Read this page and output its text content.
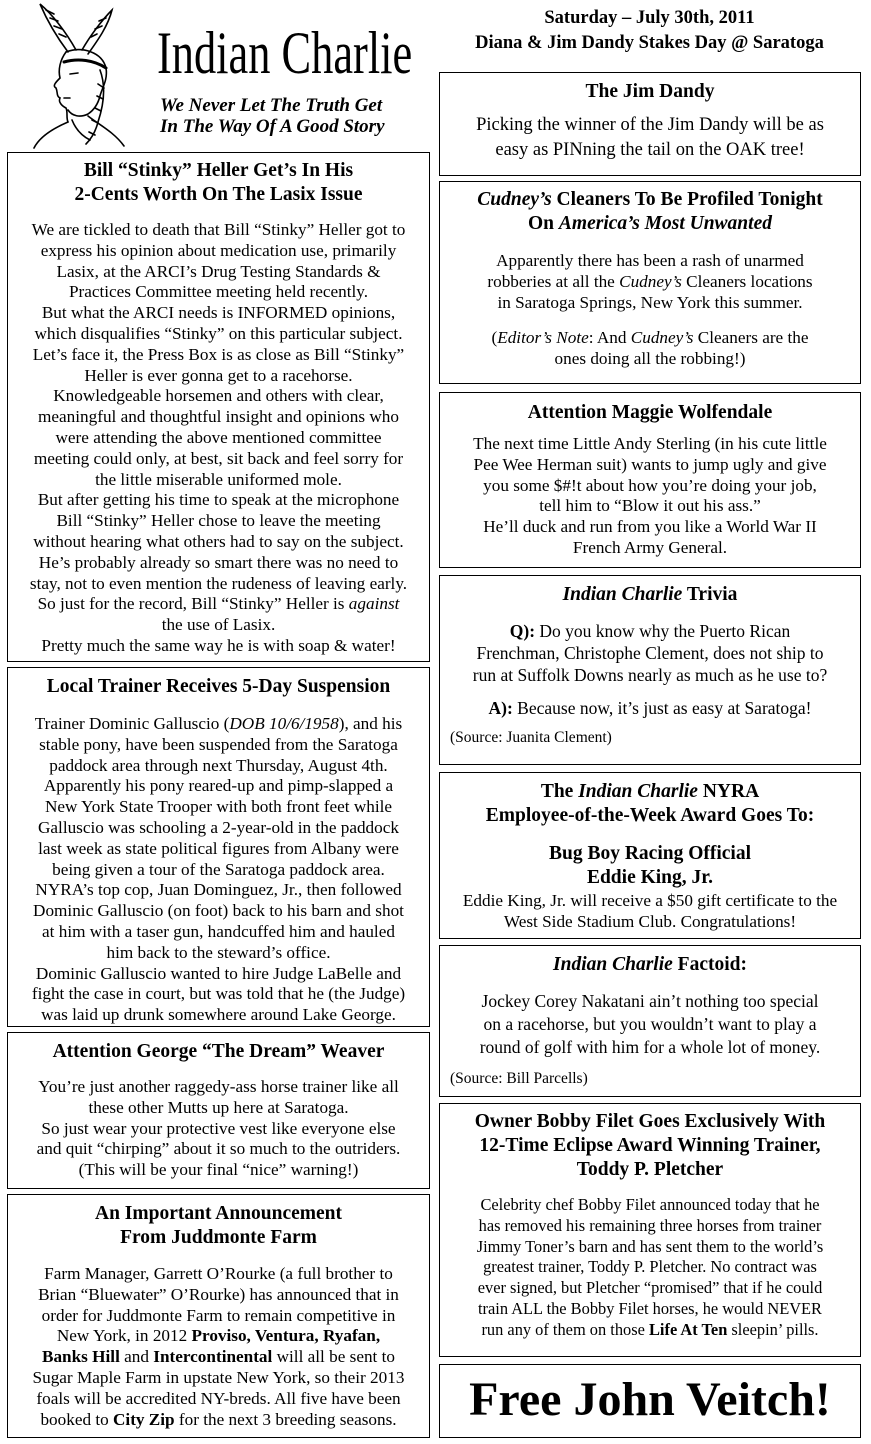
Indian Charlie
We Never Let The Truth Get
In The Way Of A Good Story
Saturday – July 30th, 2011
Diana & Jim Dandy Stakes Day @ Saratoga
Bill “Stinky” Heller Get’s In His
2-Cents Worth On The Lasix Issue
We are tickled to death that Bill “Stinky” Heller got to
express his opinion about medication use, primarily
Lasix, at the ARCI’s Drug Testing Standards &
Practices Committee meeting held recently.
But what the ARCI needs is INFORMED opinions,
which disqualifies “Stinky” on this particular subject.
Let’s face it, the Press Box is as close as Bill “Stinky”
Heller is ever gonna get to a racehorse.
Knowledgeable horsemen and others with clear,
meaningful and thoughtful insight and opinions who
were attending the above mentioned committee
meeting could only, at best, sit back and feel sorry for
the little miserable uniformed mole.
But after getting his time to speak at the microphone
Bill “Stinky” Heller chose to leave the meeting
without hearing what others had to say on the subject.
He’s probably already so smart there was no need to
stay, not to even mention the rudeness of leaving early.
So just for the record, Bill “Stinky” Heller is against
the use of Lasix.
Pretty much the same way he is with soap & water!
Local Trainer Receives 5-Day Suspension
Trainer Dominic Galluscio (DOB 10/6/1958), and his
stable pony, have been suspended from the Saratoga
paddock area through next Thursday, August 4th.
Apparently his pony reared-up and pimp-slapped a
New York State Trooper with both front feet while
Galluscio was schooling a 2-year-old in the paddock
last week as state political figures from Albany were
being given a tour of the Saratoga paddock area.
NYRA’s top cop, Juan Dominguez, Jr., then followed
Dominic Galluscio (on foot) back to his barn and shot
at him with a taser gun, handcuffed him and hauled
him back to the steward’s office.
Dominic Galluscio wanted to hire Judge LaBelle and
fight the case in court, but was told that he (the Judge)
was laid up drunk somewhere around Lake George.
Attention George “The Dream” Weaver
You’re just another raggedy-ass horse trainer like all
these other Mutts up here at Saratoga.
So just wear your protective vest like everyone else
and quit “chirping” about it so much to the outriders.
(This will be your final “nice” warning!)
An Important Announcement
From Juddmonte Farm
Farm Manager, Garrett O’Rourke (a full brother to
Brian “Bluewater” O’Rourke) has announced that in
order for Juddmonte Farm to remain competitive in
New York, in 2012 Proviso, Ventura, Ryafan,
Banks Hill and Intercontinental will all be sent to
Sugar Maple Farm in upstate New York, so their 2013
foals will be accredited NY-breds. All five have been
booked to City Zip for the next 3 breeding seasons.
The Jim Dandy
Picking the winner of the Jim Dandy will be as
easy as PINning the tail on the OAK tree!
Cudney’s Cleaners To Be Profiled Tonight
On America’s Most Unwanted
Apparently there has been a rash of unarmed
robberies at all the Cudney’s Cleaners locations
in Saratoga Springs, New York this summer.
(Editor’s Note: And Cudney’s Cleaners are the
ones doing all the robbing!)
Attention Maggie Wolfendale
The next time Little Andy Sterling (in his cute little
Pee Wee Herman suit) wants to jump ugly and give
you some $#!t about how you’re doing your job,
tell him to “Blow it out his ass.”
He’ll duck and run from you like a World War II
French Army General.
Indian Charlie Trivia
Q): Do you know why the Puerto Rican
Frenchman, Christophe Clement, does not ship to
run at Suffolk Downs nearly as much as he use to?
A): Because now, it’s just as easy at Saratoga!
(Source: Juanita Clement)
The Indian Charlie NYRA
Employee-of-the-Week Award Goes To:
Bug Boy Racing Official
Eddie King, Jr.
Eddie King, Jr. will receive a $50 gift certificate to the
West Side Stadium Club. Congratulations!
Indian Charlie Factoid:
Jockey Corey Nakatani ain’t nothing too special
on a racehorse, but you wouldn’t want to play a
round of golf with him for a whole lot of money.
(Source: Bill Parcells)
Owner Bobby Filet Goes Exclusively With
12-Time Eclipse Award Winning Trainer,
Toddy P. Pletcher
Celebrity chef Bobby Filet announced today that he
has removed his remaining three horses from trainer
Jimmy Toner’s barn and has sent them to the world’s
greatest trainer, Toddy P. Pletcher. No contract was
ever signed, but Pletcher “promised” that if he could
train ALL the Bobby Filet horses, he would NEVER
run any of them on those Life At Ten sleepin’ pills.
Free John Veitch!
